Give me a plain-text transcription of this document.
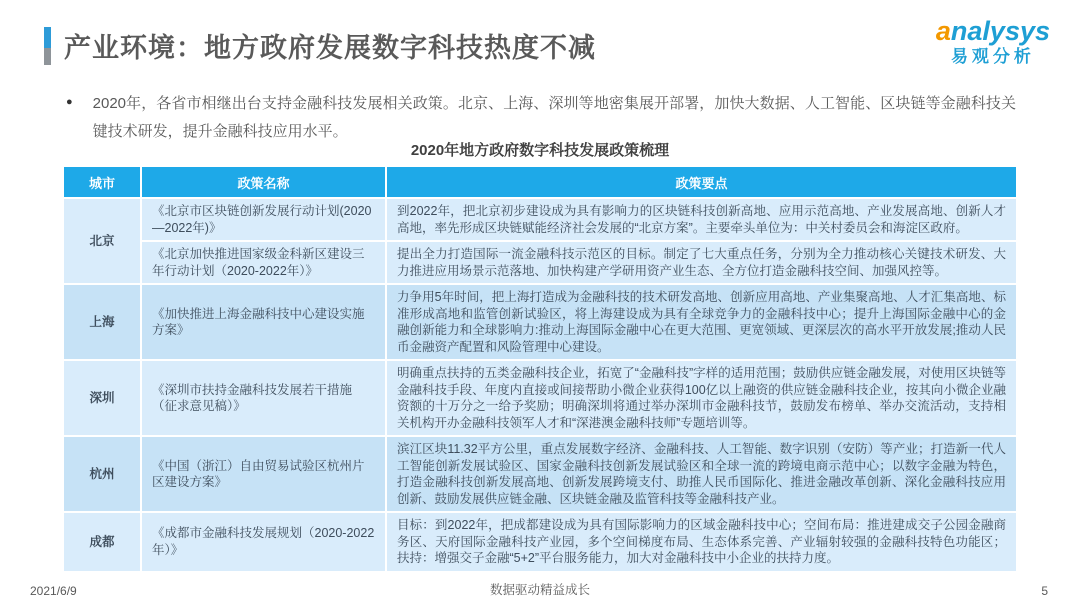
产业环境：地方政府发展数字科技热度不减
analysys
易观分析
● 2020年，各省市相继出台支持金融科技发展相关政策。北京、上海、深圳等地密集展开部署，加快大数据、人工智能、区块链等金融科技关键技术研发，提升金融科技应用水平。
2020年地方政府数字科技发展政策梳理
城市	政策名称	政策要点
北京	《北京市区块链创新发展行动计划(2020—2022年)》	到2022年，把北京初步建设成为具有影响力的区块链科技创新高地、应用示范高地、产业发展高地、创新人才高地，率先形成区块链赋能经济社会发展的“北京方案”。主要牵头单位为：中关村委员会和海淀区政府。
	《北京加快推进国家级金科新区建设三年行动计划（2020-2022年）》	提出全力打造国际一流金融科技示范区的目标。制定了七大重点任务，分别为全力推动核心关键技术研发、大力推进应用场景示范落地、加快构建产学研用资产业生态、全方位打造金融科技空间、加强风控等。
上海	《加快推进上海金融科技中心建设实施方案》	力争用5年时间，把上海打造成为金融科技的技术研发高地、创新应用高地、产业集聚高地、人才汇集高地、标准形成高地和监管创新试验区，将上海建设成为具有全球竞争力的金融科技中心；提升上海国际金融中心的金融创新能力和全球影响力:推动上海国际金融中心在更大范围、更宽领域、更深层次的高水平开放发展;推动人民币金融资产配置和风险管理中心建设。
深圳	《深圳市扶持金融科技发展若干措施（征求意见稿）》	明确重点扶持的五类金融科技企业，拓宽了“金融科技”字样的适用范围；鼓励供应链金融发展，对使用区块链等金融科技手段、年度内直接或间接帮助小微企业获得100亿以上融资的供应链金融科技企业，按其向小微企业融资额的十万分之一给予奖励；明确深圳将通过举办深圳市金融科技节，鼓励发布榜单、举办交流活动，支持相关机构开办金融科技领军人才和“深港澳金融科技师”专题培训等。
杭州	《中国（浙江）自由贸易试验区杭州片区建设方案》	滨江区块11.32平方公里，重点发展数字经济、金融科技、人工智能、数字识别（安防）等产业；打造新一代人工智能创新发展试验区、国家金融科技创新发展试验区和全球一流的跨境电商示范中心；以数字金融为特色，打造金融科技创新发展高地、创新发展跨境支付、助推人民币国际化、推进金融改革创新、深化金融科技应用创新、鼓励发展供应链金融、区块链金融及监管科技等金融科技产业。
成都	《成都市金融科技发展规划（2020-2022年）》	目标：到2022年，把成都建设成为具有国际影响力的区域金融科技中心；空间布局：推进建成交子公园金融商务区、天府国际金融科技产业园，多个空间梯度布局、生态体系完善、产业辐射较强的金融科技特色功能区；扶持：增强交子金融“5+2”平台服务能力，加大对金融科技中小企业的扶持力度。
2021/6/9	数据驱动精益成长	5
